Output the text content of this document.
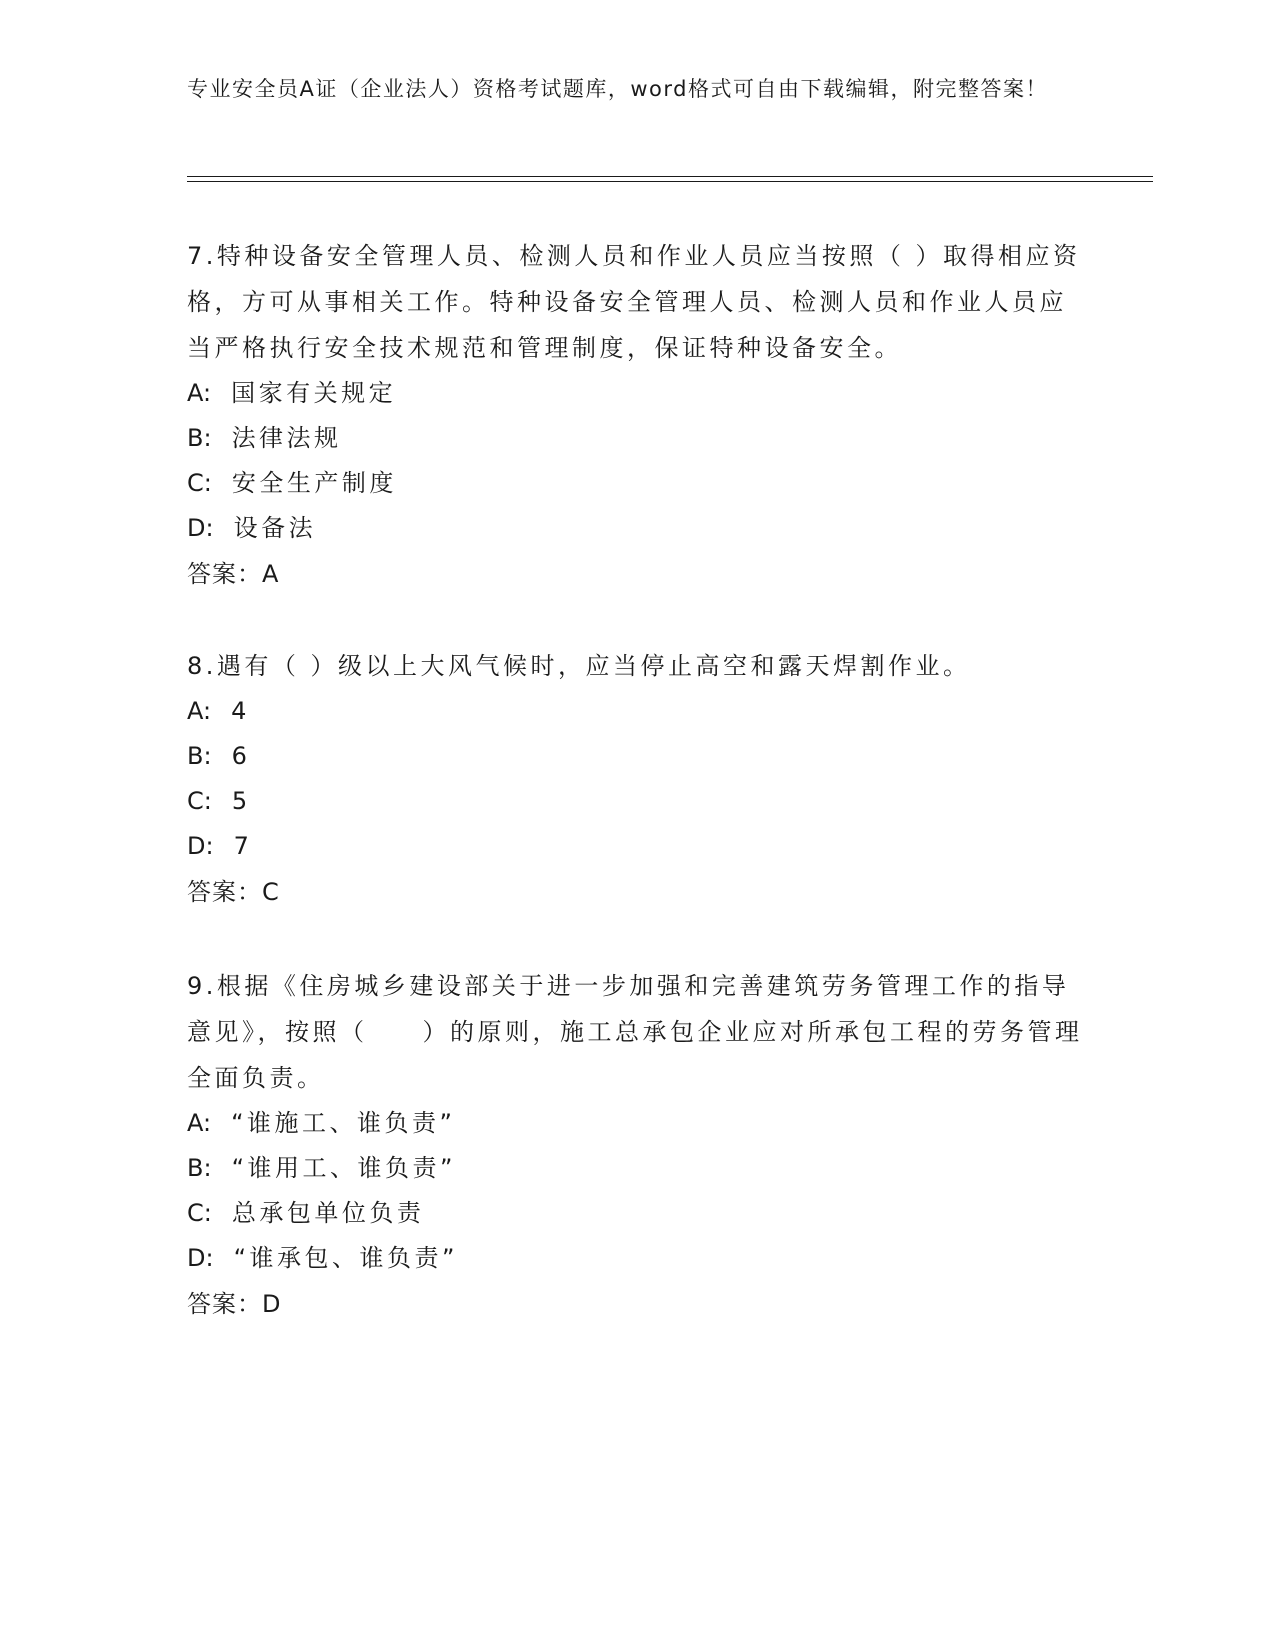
专业安全员A证（企业法人）资格考试题库，word格式可自由下载编辑，附完整答案！

7.特种设备安全管理人员、检测人员和作业人员应当按照（ ）取得相应资格，方可从事相关工作。特种设备安全管理人员、检测人员和作业人员应当严格执行安全技术规范和管理制度，保证特种设备安全。

A: 国家有关规定

B: 法律法规

C: 安全生产制度

D: 设备法

答案：A

8.遇有（ ）级以上大风气候时，应当停止高空和露天焊割作业。

A: 4

B: 6

C: 5

D: 7

答案：C

9.根据《住房城乡建设部关于进一步加强和完善建筑劳务管理工作的指导意见》，按照（　　）的原则，施工总承包企业应对所承包工程的劳务管理全面负责。

A: “谁施工、谁负责”

B: “谁用工、谁负责”

C: 总承包单位负责

D: “谁承包、谁负责”

答案：D
